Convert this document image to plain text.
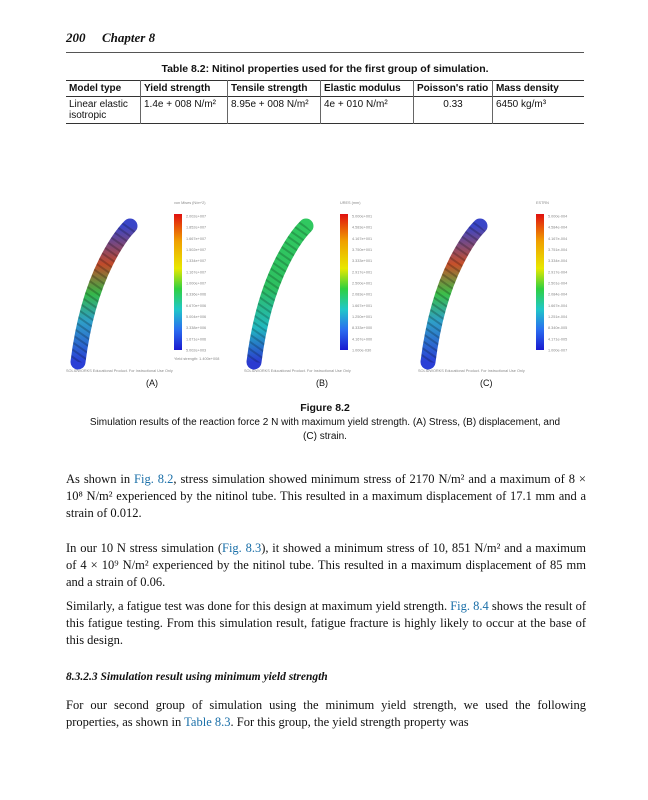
200 Chapter 8
Table 8.2: Nitinol properties used for the first group of simulation.
Model type	Yield strength	Tensile strength	Elastic modulus	Poisson's ratio	Mass density
Linear elastic isotropic	1.4e + 008 N/m²	8.95e + 008 N/m²	4e + 010 N/m²	0.33	6450 kg/m³
von Mises (N/m^2)
2.002e+007
1.852e+007
1.667e+007
1.502e+007
1.334e+007
1.167e+007
1.000e+007
8.336e+006
6.670e+006
5.004e+006
3.338e+006
1.671e+006
5.002e+003
Yield strength: 1.400e+008
SOLIDWORKS Educational Product. For Instructional Use Only
URES (mm)
5.000e+001
4.583e+001
4.167e+001
3.750e+001
3.333e+001
2.917e+001
2.500e+001
2.083e+001
1.667e+001
1.250e+001
8.333e+000
4.167e+000
1.000e-030
SOLIDWORKS Educational Product. For Instructional Use Only
ESTRN
5.000e-004
4.584e-004
4.167e-004
3.751e-004
3.334e-004
2.917e-004
2.501e-004
2.084e-004
1.667e-004
1.251e-004
8.340e-005
4.171e-005
1.000e-007
SOLIDWORKS Educational Product. For Instructional Use Only
(A)	(B)	(C)
Figure 8.2
Simulation results of the reaction force 2 N with maximum yield strength. (A) Stress, (B) displacement, and (C) strain.

As shown in Fig. 8.2, stress simulation showed minimum stress of 2170 N/m² and a maximum of 8 × 10⁸ N/m² experienced by the nitinol tube. This resulted in a maximum displacement of 17.1 mm and a strain of 0.012.

In our 10 N stress simulation (Fig. 8.3), it showed a minimum stress of 10, 851 N/m² and a maximum of 4 × 10⁹ N/m² experienced by the nitinol tube. This resulted in a maximum displacement of 85 mm and a strain of 0.06.

Similarly, a fatigue test was done for this design at maximum yield strength. Fig. 8.4 shows the result of this fatigue testing. From this simulation result, fatigue fracture is highly likely to occur at the base of this design.

8.3.2.3 Simulation result using minimum yield strength

For our second group of simulation using the minimum yield strength, we used the following properties, as shown in Table 8.3. For this group, the yield strength property was
